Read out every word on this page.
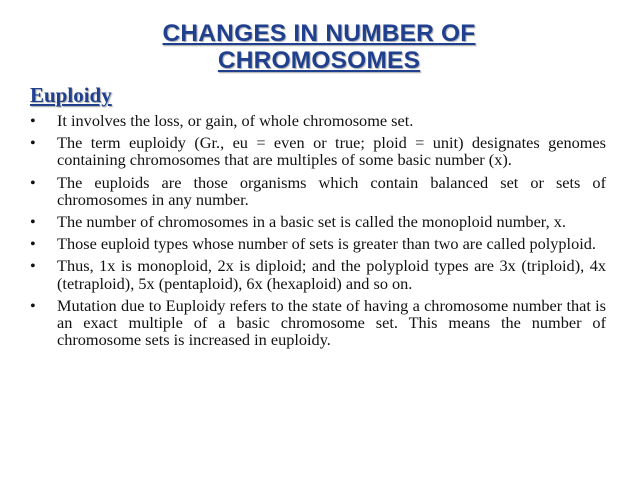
CHANGES IN NUMBER OF
CHROMOSOMES
Euploidy
•	It involves the loss, or gain, of whole chromosome set.
•	The term euploidy (Gr., eu = even or true; ploid = unit) designates genomes containing chromosomes that are multiples of some basic number (x).
•	The euploids are those organisms which contain balanced set or sets of chromosomes in any number.
•	The number of chromosomes in a basic set is called the monoploid number, x.
•	Those euploid types whose number of sets is greater than two are called polyploid.
•	Thus, 1x is monoploid, 2x is diploid; and the polyploid types are 3x (triploid), 4x (tetraploid), 5x (pentaploid), 6x (hexaploid) and so on.
•	Mutation due to Euploidy refers to the state of having a chromosome number that is an exact multiple of a basic chromosome set. This means the number of chromosome sets is increased in euploidy.
